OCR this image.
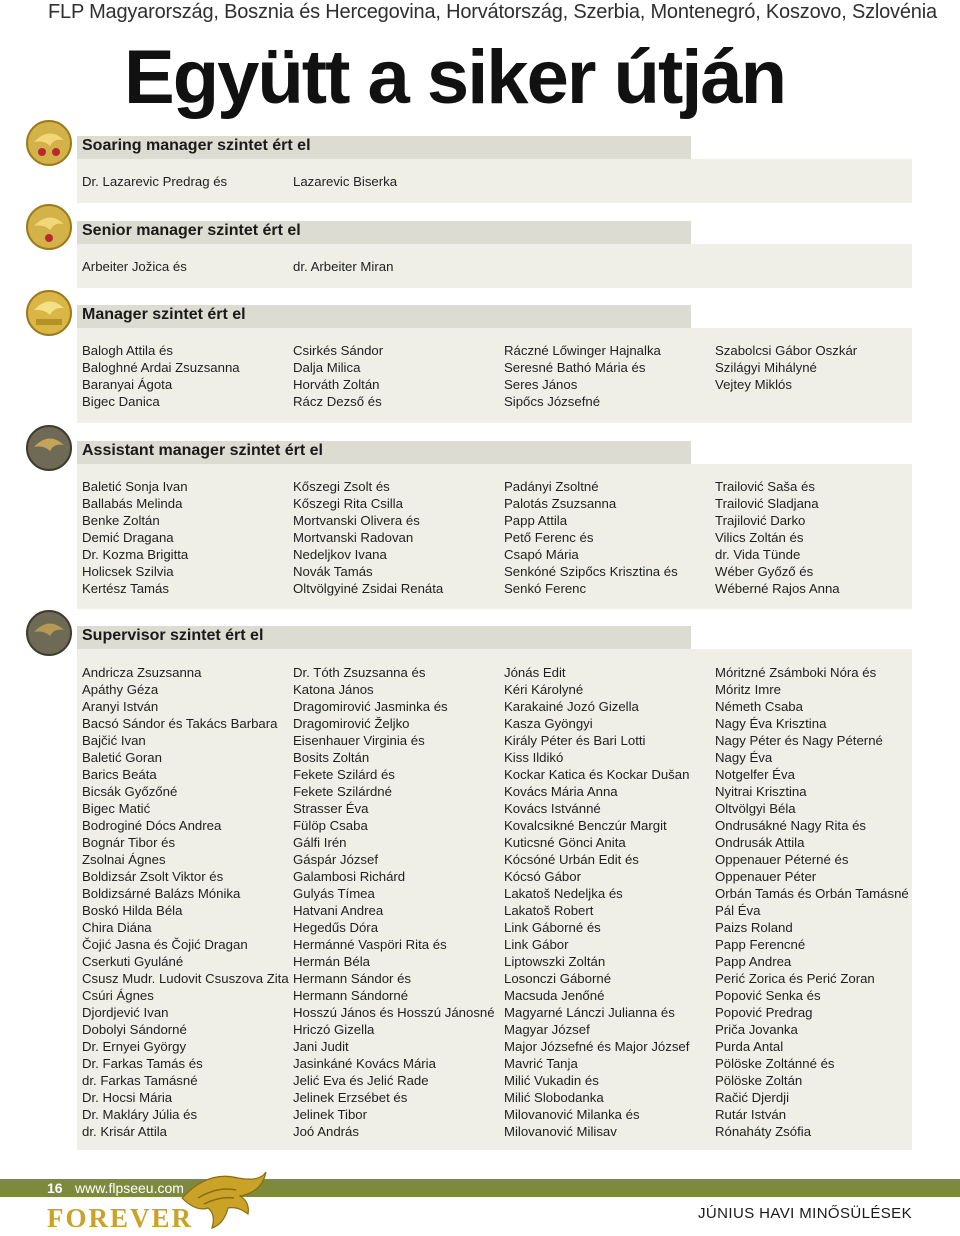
FLP Magyarország, Bosznia és Hercegovina, Horvátország, Szerbia, Montenegró, Koszovo, Szlovénia
Együtt a siker útján
Soaring manager szintet ért el
Dr. Lazarevic Predrag és	Lazarevic Biserka
Senior manager szintet ért el
Arbeiter Jožica és	dr. Arbeiter Miran
Manager szintet ért el
Balogh Attila és
Baloghné Ardai Zsuzsanna
Baranyai Ágota
Bigec Danica
Csirkés Sándor
Dalja Milica
Horváth Zoltán
Rácz Dezső és
Ráczné Lőwinger Hajnalka
Seresné Bathó Mária és
Seres János
Sipőcs Józsefné
Szabolcsi Gábor Oszkár
Szilágyi Mihályné
Vejtey Miklós
Assistant manager szintet ért el
Baletić Sonja Ivan
Ballabás Melinda
Benke Zoltán
Demić Dragana
Dr. Kozma Brigitta
Holicsek Szilvia
Kertész Tamás
Kőszegi Zsolt és
Kőszegi Rita Csilla
Mortvanski Olivera és
Mortvanski Radovan
Nedeljkov Ivana
Novák Tamás
Oltvölgyiné Zsidai Renáta
Padányi Zsoltné
Palotás Zsuzsanna
Papp Attila
Pető Ferenc és
Csapó Mária
Senkóné Szipőcs Krisztina és
Senkó Ferenc
Trailović Saša és
Trailović Sladjana
Trajilović Darko
Vilics Zoltán és
dr. Vida Tünde
Wéber Győző és
Wéberné Rajos Anna
Supervisor szintet ért el
Andricza Zsuzsanna
Apáthy Géza
Aranyi István
Bacsó Sándor és Takács Barbara
Bajčić Ivan
Baletić Goran
Barics Beáta
Bicsák Győzőné
Bigec Matić
Bodroginé Dócs Andrea
Bognár Tibor és
Zsolnai Ágnes
Boldizsár Zsolt Viktor és
Boldizsárné Balázs Mónika
Boskó Hilda Béla
Chira Diána
Čojić Jasna és Čojić Dragan
Cserkuti Gyuláné
Csusz Mudr. Ludovit Csuszova Zita
Csúri Ágnes
Djordjević Ivan
Dobolyi Sándorné
Dr. Ernyei György
Dr. Farkas Tamás és
dr. Farkas Tamásné
Dr. Hocsi Mária
Dr. Makláry Júlia és
dr. Krisár Attila
Dr. Tóth Zsuzsanna és
Katona János
Dragomirović Jasminka és
Dragomirović Željko
Eisenhauer Virginia és
Bosits Zoltán
Fekete Szilárd és
Fekete Szilárdné
Strasser Éva
Fülöp Csaba
Gálfi Irén
Gáspár József
Galambosi Richárd
Gulyás Tímea
Hatvani Andrea
Hegedűs Dóra
Hermánné Vaspöri Rita és
Hermán Béla
Hermann Sándor és
Hermann Sándorné
Hosszú János és Hosszú Jánosné
Hriczó Gizella
Jani Judit
Jasinkáné Kovács Mária
Jelić Eva és Jelić Rade
Jelinek Erzsébet és
Jelinek Tibor
Joó András
Jónás Edit
Kéri Károlyné
Karakainé Jozó Gizella
Kasza Gyöngyi
Király Péter és Bari Lotti
Kiss Ildikó
Kockar Katica és Kockar Dušan
Kovács Mária Anna
Kovács Istvánné
Kovalcsikné Benczúr Margit
Kuticsné Gönci Anita
Kócsóné Urbán Edit és
Kócsó Gábor
Lakatoš Nedeljka és
Lakatoš Robert
Link Gáborné és
Link Gábor
Liptowszki Zoltán
Losonczi Gáborné
Macsuda Jenőné
Magyarné Lánczi Julianna és
Magyar József
Major Józsefné és Major József
Mavrić Tanja
Milić Vukadin és
Milić Slobodanka
Milovanović Milanka és
Milovanović Milisav
Móritzné Zsámboki Nóra és
Móritz Imre
Németh Csaba
Nagy Éva Krisztina
Nagy Péter és Nagy Péterné
Nagy Éva
Notgelfer Éva
Nyitrai Krisztina
Oltvölgyi Béla
Ondrusákné Nagy Rita és
Ondrusák Attila
Oppenauer Péterné és
Oppenauer Péter
Orbán Tamás és Orbán Tamásné
Pál Éva
Paizs Roland
Papp Ferencné
Papp Andrea
Perić Zorica és Perić Zoran
Popović Senka és
Popović Predrag
Priča Jovanka
Purda Antal
Pölöske Zoltánné és
Pölöske Zoltán
Račić Djerdji
Rutár István
Rónaháty Zsófia
16 www.flpseeu.com
FOREVER	JÚNIUS HAVI MINŐSÜLÉSEK
